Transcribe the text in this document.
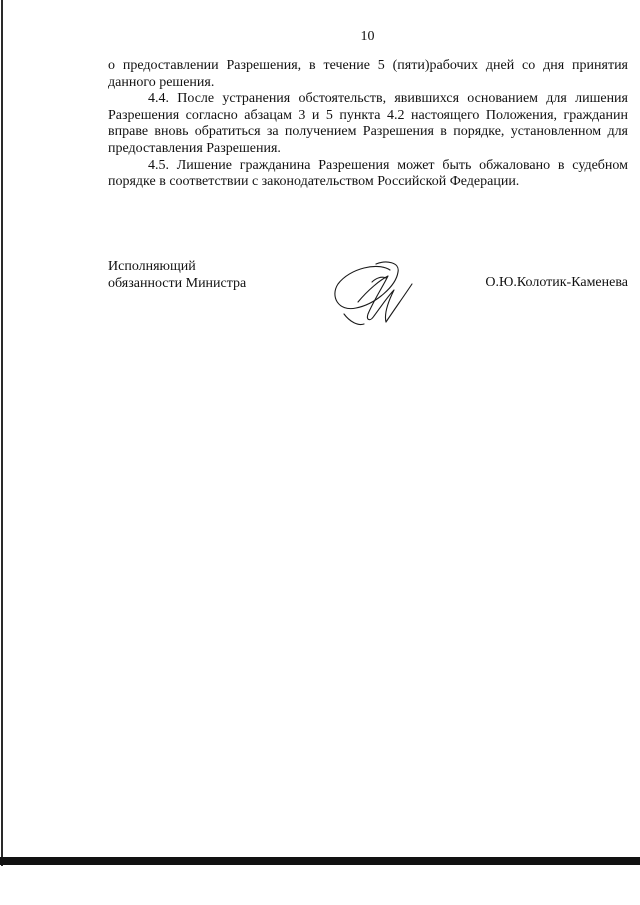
10

о предоставлении Разрешения, в течение 5 (пяти)рабочих дней со дня принятия данного решения.

4.4. После устранения обстоятельств, явившихся основанием для лишения Разрешения согласно абзацам 3 и 5 пункта 4.2 настоящего Положения, гражданин вправе вновь обратиться за получением Разрешения в порядке, установленном для предоставления Разрешения.

4.5. Лишение гражданина Разрешения может быть обжаловано в судебном порядке в соответствии с законодательством Российской Федерации.

Исполняющий
обязанности Министра	О.Ю.Колотик-Каменева
